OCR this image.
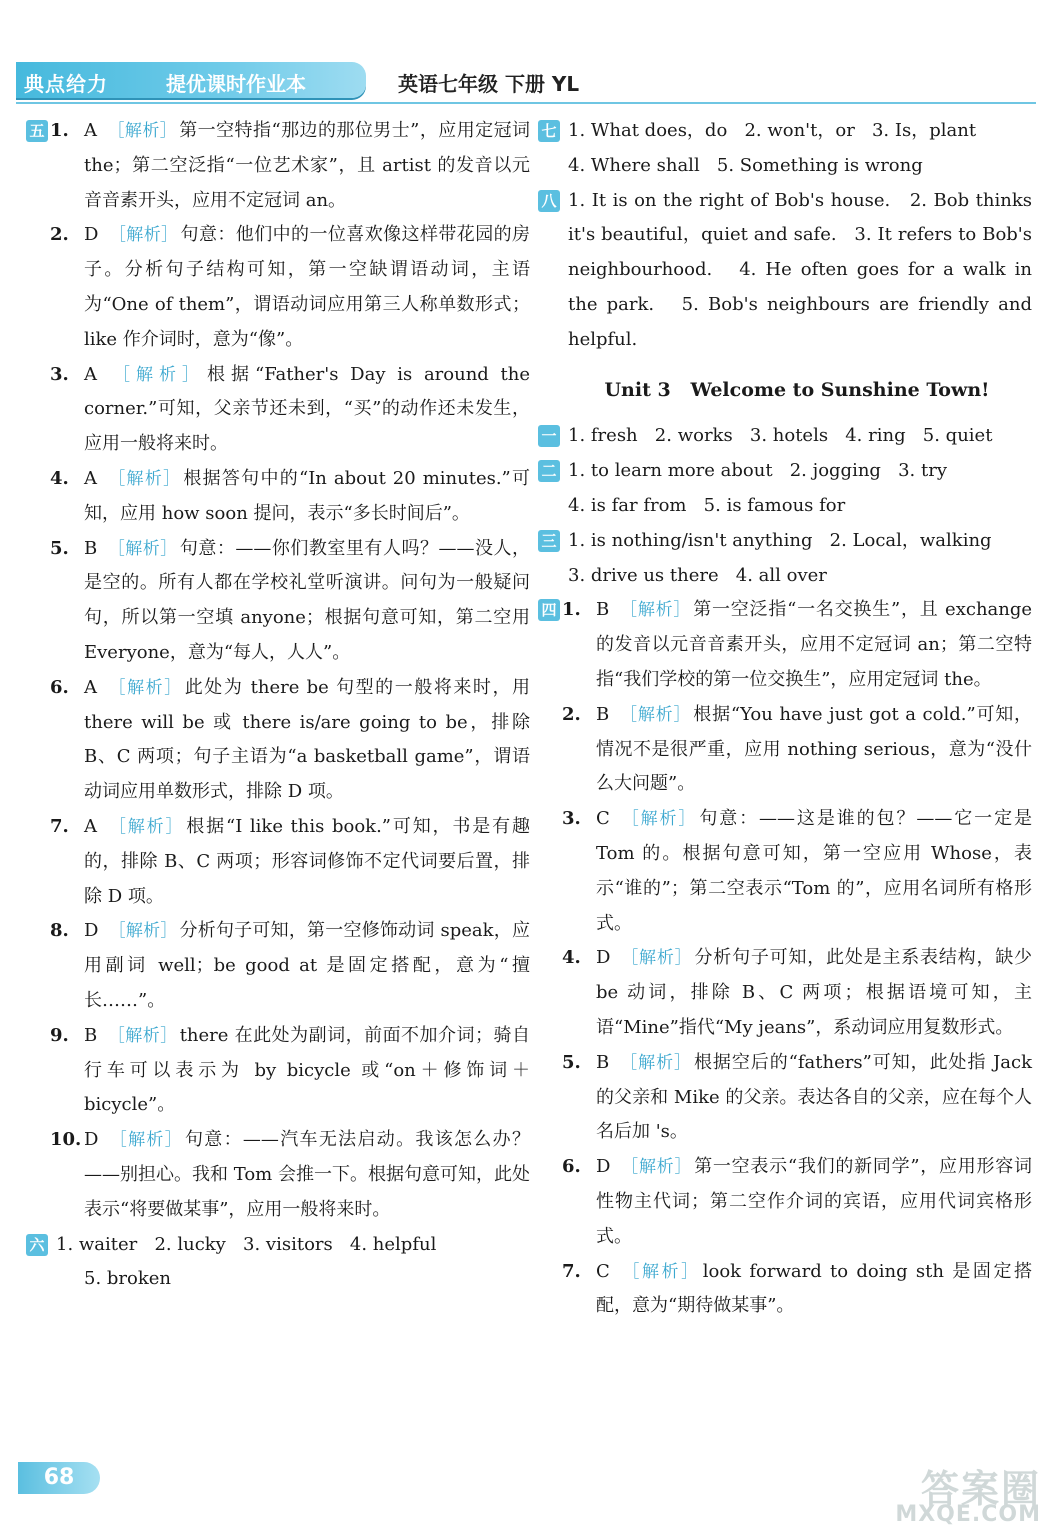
典点给力	提优课时作业本	英语七年级 下册 YL
五 1. A ［解析］ 第一空特指“那边的那位男士”，应用定冠词 the；第二空泛指“一位艺术家”，且 artist 的发音以元音音素开头，应用不定冠词 an。
2. D ［解析］ 句意：他们中的一位喜欢像这样带花园的房子。分析句子结构可知，第一空缺谓语动词，主语为“One of them”，谓语动词应用第三人称单数形式；like 作介词时，意为“像”。
3. A ［解析］ 根据“Father's Day is around the corner.”可知，父亲节还未到，“买”的动作还未发生，应用一般将来时。
4. A ［解析］ 根据答句中的“In about 20 minutes.”可知，应用 how soon 提问，表示“多长时间后”。
5. B ［解析］ 句意：——你们教室里有人吗？——没人，是空的。所有人都在学校礼堂听演讲。问句为一般疑问句，所以第一空填 anyone；根据句意可知，第二空用 Everyone，意为“每人，人人”。
6. A ［解析］ 此处为 there be 句型的一般将来时，用 there will be 或 there is/are going to be，排除 B、C 两项；句子主语为“a basketball game”，谓语动词应用单数形式，排除 D 项。
7. A ［解析］ 根据“I like this book.”可知，书是有趣的，排除 B、C 两项；形容词修饰不定代词要后置，排除 D 项。
8. D ［解析］ 分析句子可知，第一空修饰动词 speak，应用副词 well；be good at 是固定搭配，意为“擅长……”。
9. B ［解析］ there 在此处为副词，前面不加介词；骑自行车可以表示为 by bicycle 或“on＋修饰词＋bicycle”。
10. D ［解析］ 句意：——汽车无法启动。我该怎么办？——别担心。我和 Tom 会推一下。根据句意可知，此处表示“将要做某事”，应用一般将来时。
六 1. waiter   2. lucky   3. visitors   4. helpful
5. broken
七 1. What does，do   2. won't，or   3. Is，plant
4. Where shall   5. Something is wrong
八 1. It is on the right of Bob's house.   2. Bob thinks it's beautiful，quiet and safe.   3. It refers to Bob's neighbourhood.   4. He often goes for a walk in the park.   5. Bob's neighbours are friendly and helpful.
Unit 3   Welcome to Sunshine Town!
一 1. fresh   2. works   3. hotels   4. ring   5. quiet
二 1. to learn more about   2. jogging   3. try
4. is far from   5. is famous for
三 1. is nothing/isn't anything   2. Local，walking
3. drive us there   4. all over
四 1. B ［解析］ 第一空泛指“一名交换生”，且 exchange 的发音以元音音素开头，应用不定冠词 an；第二空特指“我们学校的第一位交换生”，应用定冠词 the。
2. B ［解析］ 根据“You have just got a cold.”可知，情况不是很严重，应用 nothing serious，意为“没什么大问题”。
3. C ［解析］ 句意：——这是谁的包？——它一定是 Tom 的。根据句意可知，第一空应用 Whose，表示“谁的”；第二空表示“Tom 的”，应用名词所有格形式。
4. D ［解析］ 分析句子可知，此处是主系表结构，缺少 be 动词，排除 B、C 两项；根据语境可知，主语“Mine”指代“My jeans”，系动词应用复数形式。
5. B ［解析］ 根据空后的“fathers”可知，此处指 Jack 的父亲和 Mike 的父亲。表达各自的父亲，应在每个人名后加 's。
6. D ［解析］ 第一空表示“我们的新同学”，应用形容词性物主代词；第二空作介词的宾语，应用代词宾格形式。
7. C ［解析］ look forward to doing sth 是固定搭配，意为“期待做某事”。
68	答案圈
MXQE.COM
